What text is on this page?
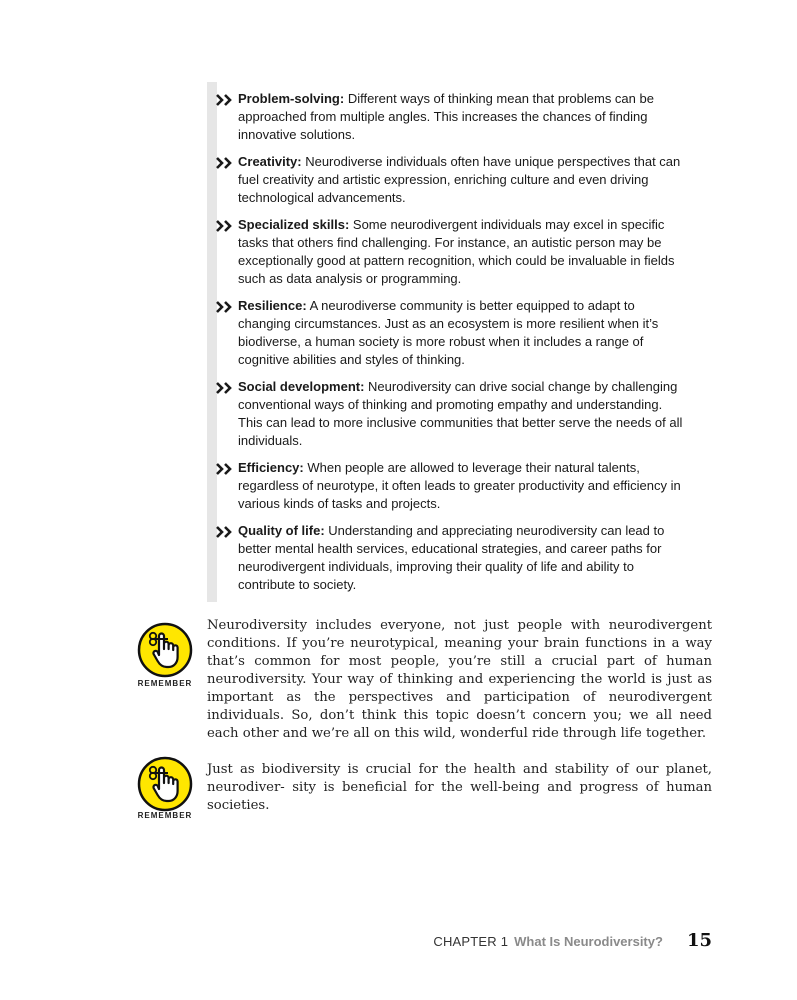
Problem-solving: Different ways of thinking mean that problems can be approached from multiple angles. This increases the chances of finding innovative solutions.
Creativity: Neurodiverse individuals often have unique perspectives that can fuel creativity and artistic expression, enriching culture and even driving technological advancements.
Specialized skills: Some neurodivergent individuals may excel in specific tasks that others find challenging. For instance, an autistic person may be exceptionally good at pattern recognition, which could be invaluable in fields such as data analysis or programming.
Resilience: A neurodiverse community is better equipped to adapt to changing circumstances. Just as an ecosystem is more resilient when it’s biodiverse, a human society is more robust when it includes a range of cognitive abilities and styles of thinking.
Social development: Neurodiversity can drive social change by challenging conventional ways of thinking and promoting empathy and understanding. This can lead to more inclusive communities that better serve the needs of all individuals.
Efficiency: When people are allowed to leverage their natural talents, regardless of neurotype, it often leads to greater productivity and efficiency in various kinds of tasks and projects.
Quality of life: Understanding and appreciating neurodiversity can lead to better mental health services, educational strategies, and career paths for neurodivergent individuals, improving their quality of life and ability to contribute to society.
REMEMBER
Neurodiversity includes everyone, not just people with neurodivergent conditions. If you’re neurotypical, meaning your brain functions in a way that’s common for most people, you’re still a crucial part of human neurodiversity. Your way of thinking and experiencing the world is just as important as the perspectives and participation of neurodivergent individuals. So, don’t think this topic doesn’t concern you; we all need each other and we’re all on this wild, wonderful ride through life together.
REMEMBER
Just as biodiversity is crucial for the health and stability of our planet, neurodiver- sity is beneficial for the well-being and progress of human societies.
CHAPTER 1 What Is Neurodiversity? 15
